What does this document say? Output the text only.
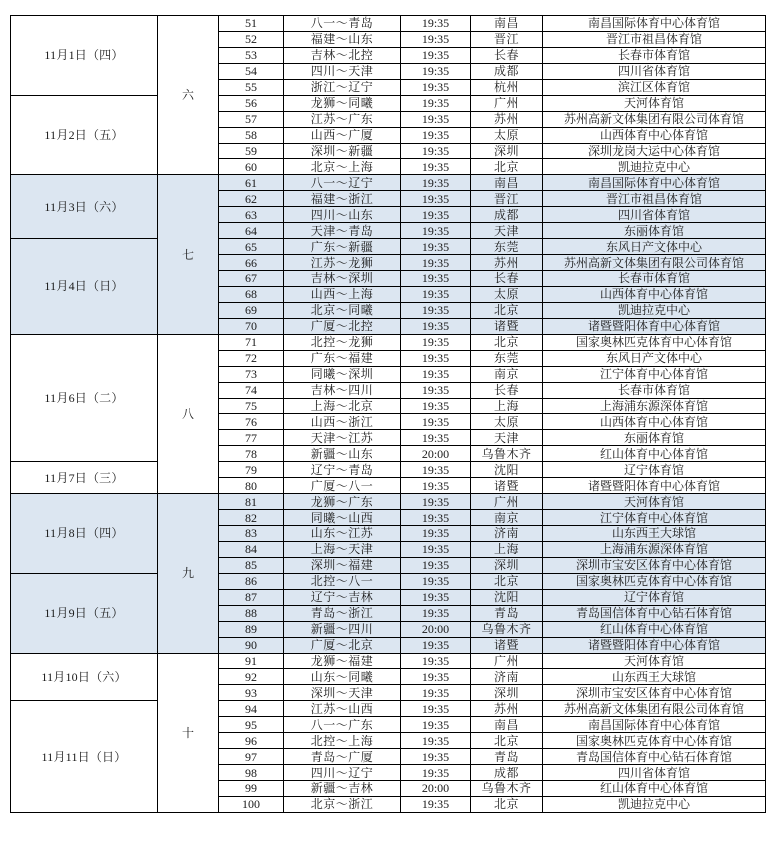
11月1日（四）	六	51	八一～青岛	19:35	南昌	南昌国际体育中心体育馆
		52	福建～山东	19:35	晋江	晋江市祖昌体育馆
		53	吉林～北控	19:35	长春	长春市体育馆
		54	四川～天津	19:35	成都	四川省体育馆
		55	浙江～辽宁	19:35	杭州	滨江区体育馆
11月2日（五）		56	龙狮～同曦	19:35	广州	天河体育馆
		57	江苏～广东	19:35	苏州	苏州高新文体集团有限公司体育馆
		58	山西～广厦	19:35	太原	山西体育中心体育馆
		59	深圳～新疆	19:35	深圳	深圳龙岗大运中心体育馆
		60	北京～上海	19:35	北京	凯迪拉克中心
11月3日（六）	七	61	八一～辽宁	19:35	南昌	南昌国际体育中心体育馆
		62	福建～浙江	19:35	晋江	晋江市祖昌体育馆
		63	四川～山东	19:35	成都	四川省体育馆
		64	天津～青岛	19:35	天津	东丽体育馆
11月4日（日）		65	广东～新疆	19:35	东莞	东风日产文体中心
		66	江苏～龙狮	19:35	苏州	苏州高新文体集团有限公司体育馆
		67	吉林～深圳	19:35	长春	长春市体育馆
		68	山西～上海	19:35	太原	山西体育中心体育馆
		69	北京～同曦	19:35	北京	凯迪拉克中心
		70	广厦～北控	19:35	诸暨	诸暨暨阳体育中心体育馆
11月6日（二）	八	71	北控～龙狮	19:35	北京	国家奥林匹克体育中心体育馆
		72	广东～福建	19:35	东莞	东风日产文体中心
		73	同曦～深圳	19:35	南京	江宁体育中心体育馆
		74	吉林～四川	19:35	长春	长春市体育馆
		75	上海～北京	19:35	上海	上海浦东源深体育馆
		76	山西～浙江	19:35	太原	山西体育中心体育馆
		77	天津～江苏	19:35	天津	东丽体育馆
		78	新疆～山东	20:00	乌鲁木齐	红山体育中心体育馆
11月7日（三）		79	辽宁～青岛	19:35	沈阳	辽宁体育馆
		80	广厦～八一	19:35	诸暨	诸暨暨阳体育中心体育馆
11月8日（四）	九	81	龙狮～广东	19:35	广州	天河体育馆
		82	同曦～山西	19:35	南京	江宁体育中心体育馆
		83	山东～江苏	19:35	济南	山东西王大球馆
		84	上海～天津	19:35	上海	上海浦东源深体育馆
		85	深圳～福建	19:35	深圳	深圳市宝安区体育中心体育馆
11月9日（五）		86	北控～八一	19:35	北京	国家奥林匹克体育中心体育馆
		87	辽宁～吉林	19:35	沈阳	辽宁体育馆
		88	青岛～浙江	19:35	青岛	青岛国信体育中心钻石体育馆
		89	新疆～四川	20:00	乌鲁木齐	红山体育中心体育馆
		90	广厦～北京	19:35	诸暨	诸暨暨阳体育中心体育馆
11月10日（六）	十	91	龙狮～福建	19:35	广州	天河体育馆
		92	山东～同曦	19:35	济南	山东西王大球馆
		93	深圳～天津	19:35	深圳	深圳市宝安区体育中心体育馆
11月11日（日）		94	江苏～山西	19:35	苏州	苏州高新文体集团有限公司体育馆
		95	八一～广东	19:35	南昌	南昌国际体育中心体育馆
		96	北控～上海	19:35	北京	国家奥林匹克体育中心体育馆
		97	青岛～广厦	19:35	青岛	青岛国信体育中心钻石体育馆
		98	四川～辽宁	19:35	成都	四川省体育馆
		99	新疆～吉林	20:00	乌鲁木齐	红山体育中心体育馆
		100	北京～浙江	19:35	北京	凯迪拉克中心
